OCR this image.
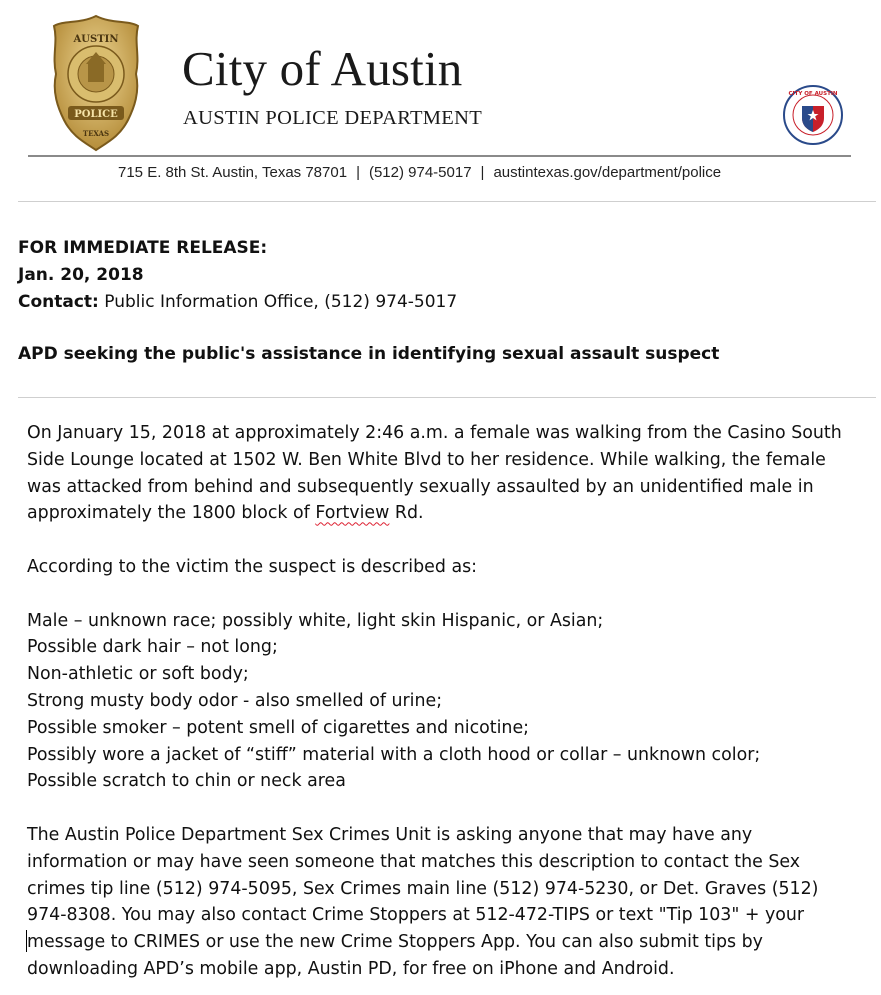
AUSTIN
POLICE
TEXAS
City of Austin
AUSTIN POLICE DEPARTMENT
CITY OF AUSTIN
715 E. 8th St. Austin, Texas 78701 | (512) 974-5017 | austintexas.gov/department/police
FOR IMMEDIATE RELEASE:
Jan. 20, 2018
Contact: Public Information Office, (512) 974-5017
APD seeking the public's assistance in identifying sexual assault suspect

On January 15, 2018 at approximately 2:46 a.m. a female was walking from the Casino South

Side Lounge located at 1502 W. Ben White Blvd to her residence. While walking, the female

was attacked from behind and subsequently sexually assaulted by an unidentified male in

approximately the 1800 block of Fortview Rd.

According to the victim the suspect is described as:

Male – unknown race; possibly white, light skin Hispanic, or Asian;
Possible dark hair – not long;
Non-athletic or soft body;
Strong musty body odor - also smelled of urine;
Possible smoker – potent smell of cigarettes and nicotine;
Possibly wore a jacket of “stiff” material with a cloth hood or collar – unknown color;
Possible scratch to chin or neck area

The Austin Police Department Sex Crimes Unit is asking anyone that may have any

information or may have seen someone that matches this description to contact the Sex

crimes tip line (512) 974-5095, Sex Crimes main line (512) 974-5230, or Det. Graves (512)

974-8308. You may also contact Crime Stoppers at 512-472-TIPS or text "Tip 103" + your

message to CRIMES or use the new Crime Stoppers App. You can also submit tips by

downloading APD’s mobile app, Austin PD, for free on iPhone and Android.
